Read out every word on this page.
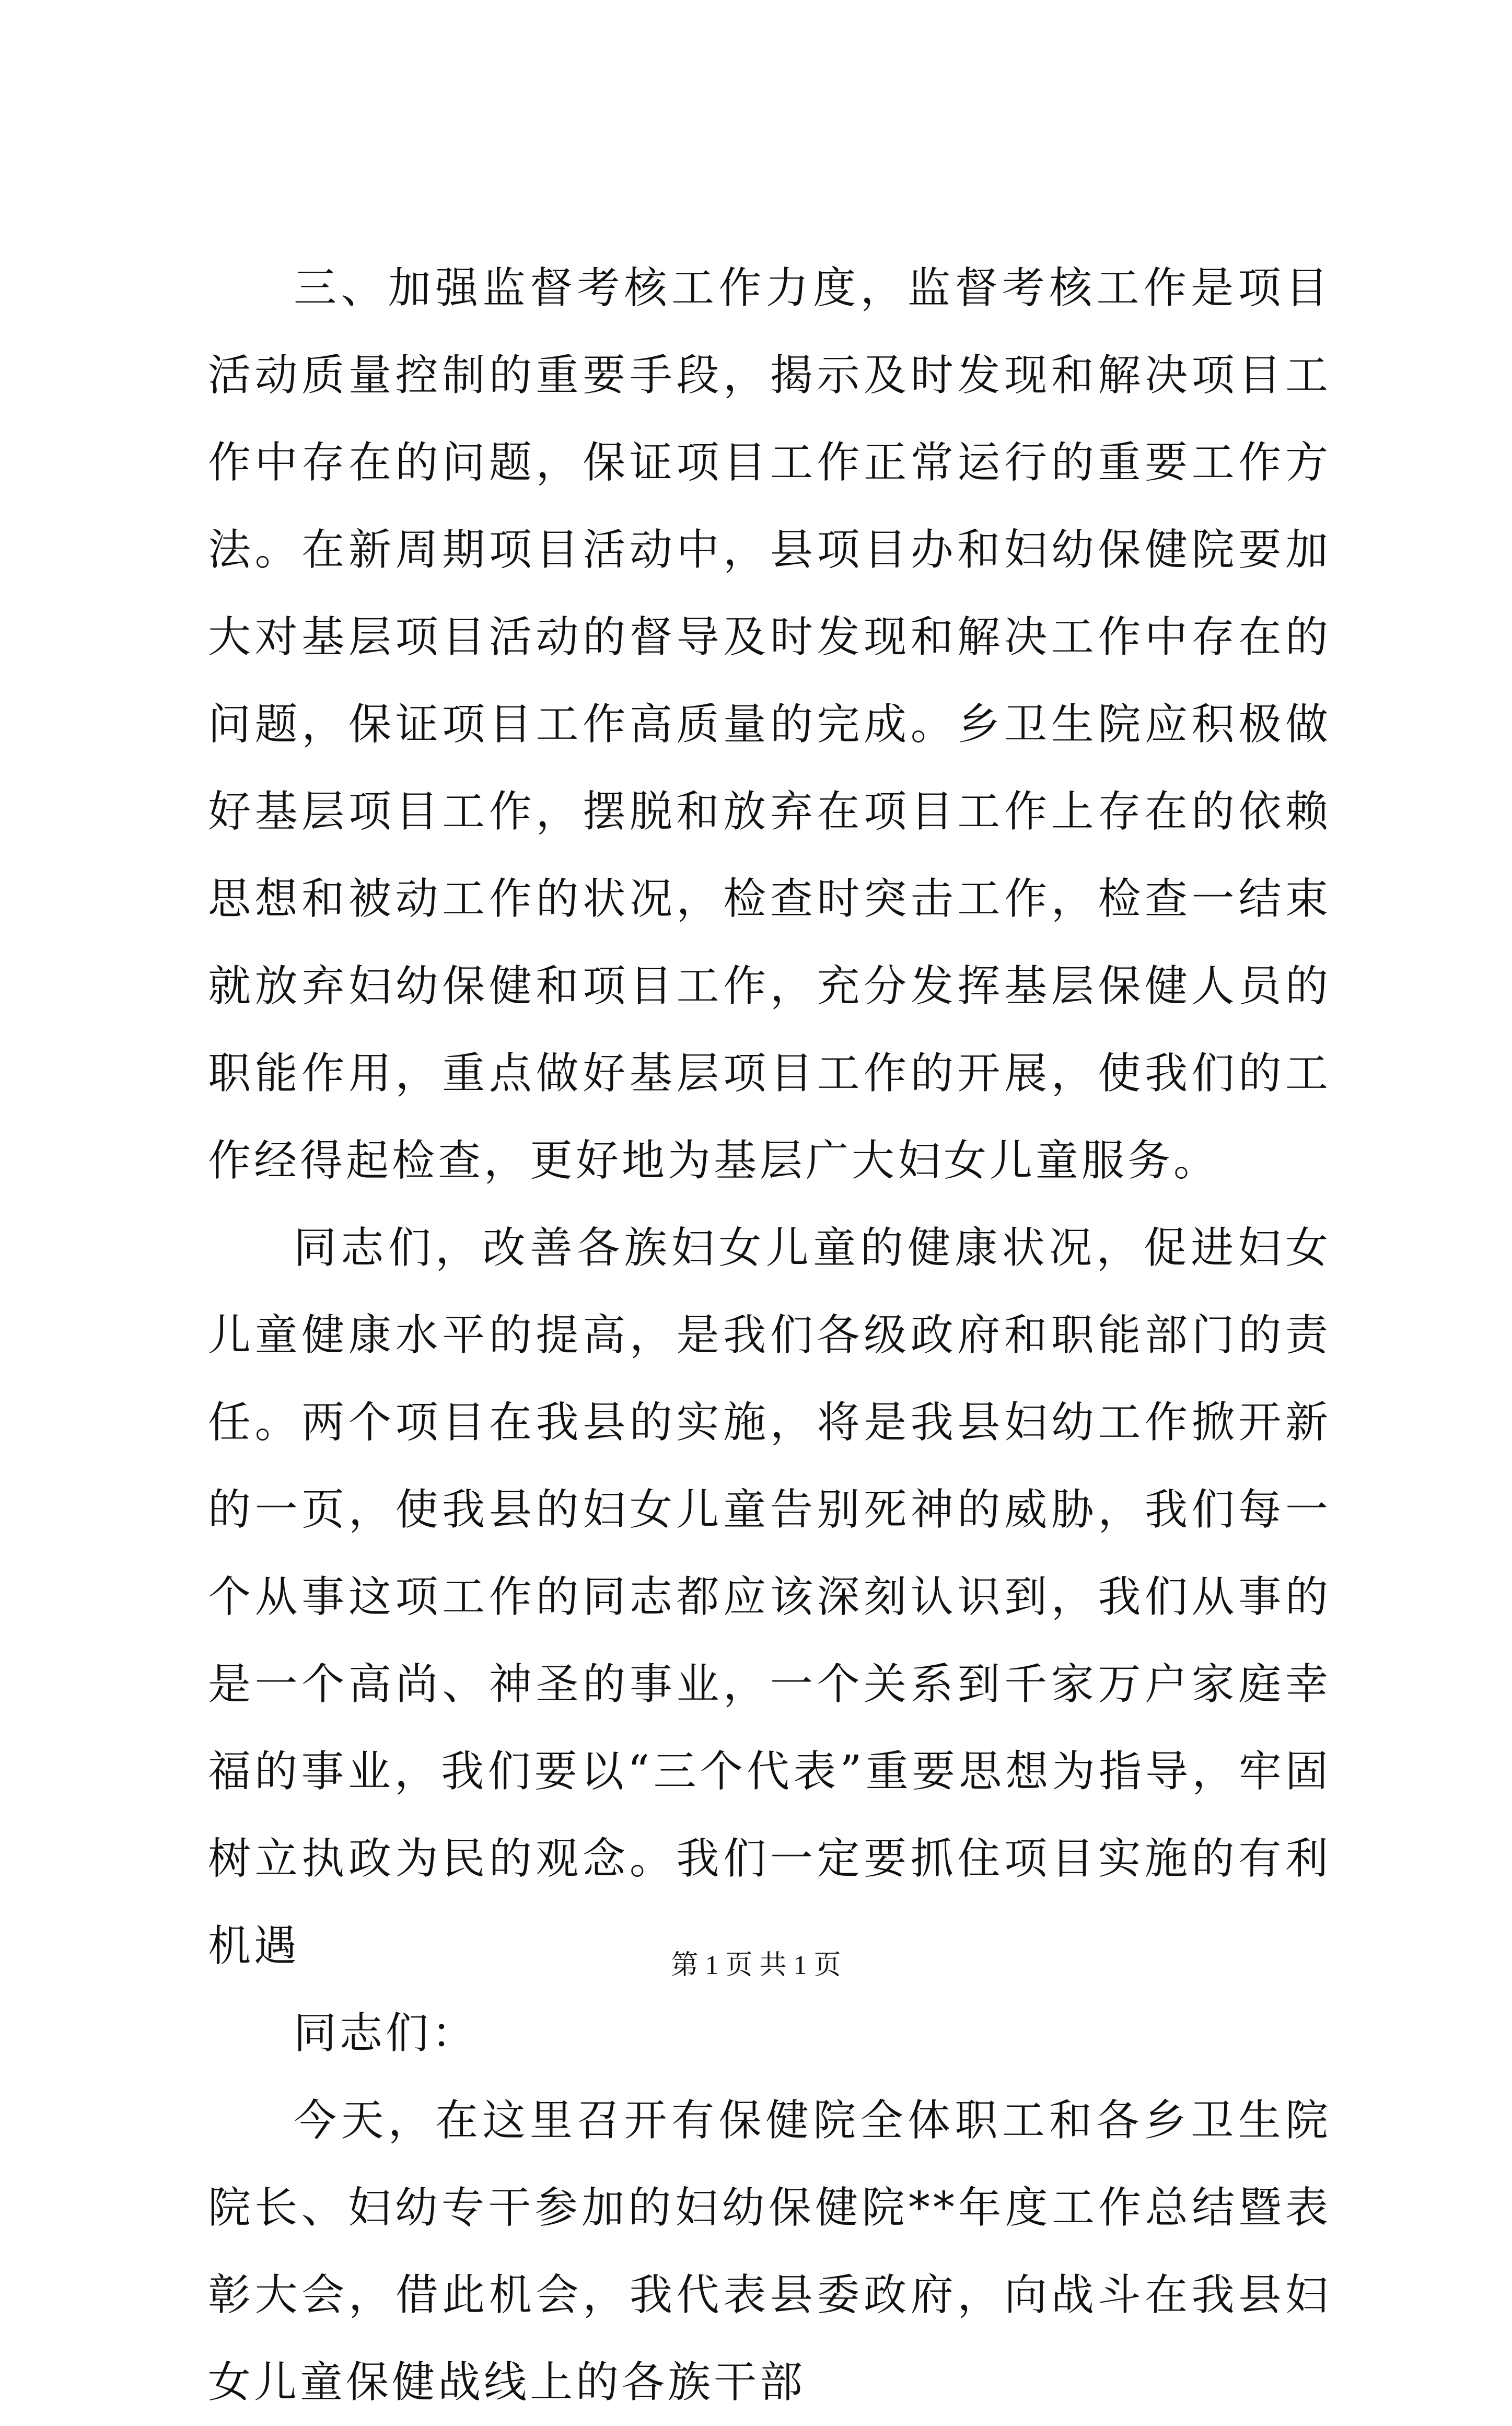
三、加强监督考核工作力度，监督考核工作是项目活动质量控制的重要手段，揭示及时发现和解决项目工作中存在的问题，保证项目工作正常运行的重要工作方法。在新周期项目活动中，县项目办和妇幼保健院要加大对基层项目活动的督导及时发现和解决工作中存在的问题，保证项目工作高质量的完成。乡卫生院应积极做好基层项目工作，摆脱和放弃在项目工作上存在的依赖思想和被动工作的状况，检查时突击工作，检查一结束就放弃妇幼保健和项目工作，充分发挥基层保健人员的职能作用，重点做好基层项目工作的开展，使我们的工作经得起检查，更好地为基层广大妇女儿童服务。

同志们，改善各族妇女儿童的健康状况，促进妇女儿童健康水平的提高，是我们各级政府和职能部门的责任。两个项目在我县的实施，将是我县妇幼工作掀开新的一页，使我县的妇女儿童告别死神的威胁，我们每一个从事这项工作的同志都应该深刻认识到，我们从事的是一个高尚、神圣的事业，一个关系到千家万户家庭幸福的事业，我们要以“三个代表”重要思想为指导，牢固树立执政为民的观念。我们一定要抓住项目实施的有利机遇

同志们：

今天，在这里召开有保健院全体职工和各乡卫生院院长、妇幼专干参加的妇幼保健院**年度工作总结暨表彰大会，借此机会，我代表县委政府，向战斗在我县妇女儿童保健战线上的各族干部

第 1 页 共 1 页
